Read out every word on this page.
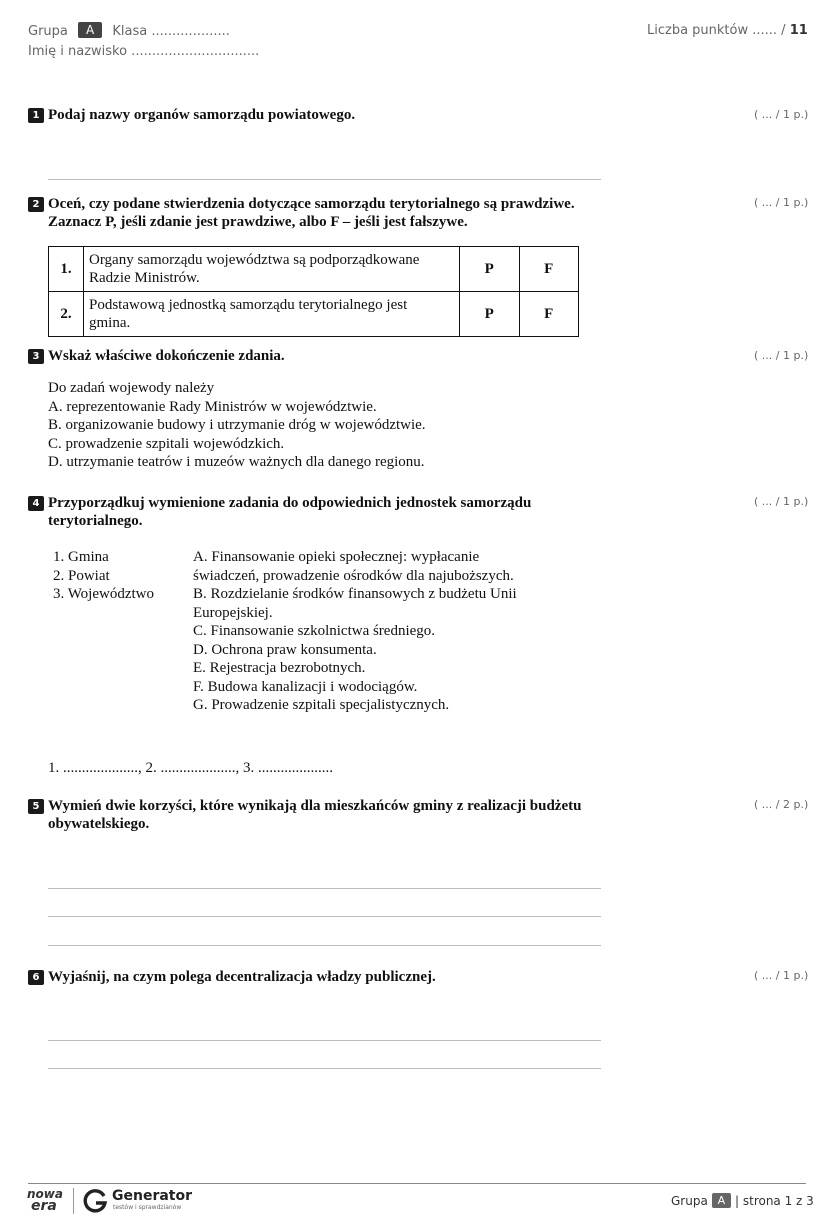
Grupa A Klasa ...................
Imię i nazwisko ...............................
Liczba punktów ...... / 11
1 Podaj nazwy organów samorządu powiatowego.	( ... / 1 p.)
2 Oceń, czy podane stwierdzenia dotyczące samorządu terytorialnego są prawdziwe.
Zaznacz P, jeśli zdanie jest prawdziwe, albo F – jeśli jest fałszywe.
( ... / 1 p.)
1.	Organy samorządu województwa są podporządkowane
Radzie Ministrów.	P	F
2.	Podstawową jednostką samorządu terytorialnego jest
gmina.	P	F
3 Wskaż właściwe dokończenie zdania.	( ... / 1 p.)
Do zadań wojewody należy
A. reprezentowanie Rady Ministrów w województwie.
B. organizowanie budowy i utrzymanie dróg w województwie.
C. prowadzenie szpitali wojewódzkich.
D. utrzymanie teatrów i muzeów ważnych dla danego regionu.
4 Przyporządkuj wymienione zadania do odpowiednich jednostek samorządu
terytorialnego.
( ... / 1 p.)
1. Gmina
2. Powiat
3. Województwo
A. Finansowanie opieki społecznej: wypłacanie
świadczeń, prowadzenie ośrodków dla najuboższych.
B. Rozdzielanie środków finansowych z budżetu Unii
Europejskiej.
C. Finansowanie szkolnictwa średniego.
D. Ochrona praw konsumenta.
E. Rejestracja bezrobotnych.
F. Budowa kanalizacji i wodociągów.
G. Prowadzenie szpitali specjalistycznych.
1. ...................., 2. ...................., 3. ....................
5 Wymień dwie korzyści, które wynikają dla mieszkańców gminy z realizacji budżetu
obywatelskiego.
( ... / 2 p.)
6 Wyjaśnij, na czym polega decentralizacja władzy publicznej.	( ... / 1 p.)
nowa
era
Generator
testów i sprawdzianów	Grupa A | strona 1 z 3
